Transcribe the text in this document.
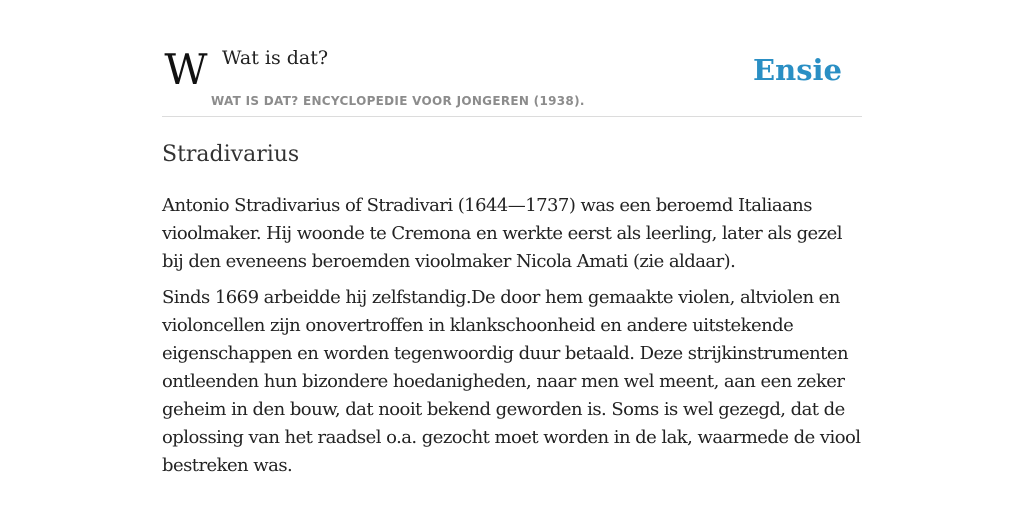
W Wat is dat?
WAT IS DAT? ENCYCLOPEDIE VOOR JONGEREN (1938).
Ensie
Stradivarius

Antonio Stradivarius of Stradivari (1644—1737) was een beroemd Italiaans vioolmaker. Hij woonde te Cremona en werkte eerst als leerling, later als gezel bij den eveneens beroemden vioolmaker Nicola Amati (zie aldaar).

Sinds 1669 arbeidde hij zelfstandig.De door hem gemaakte violen, altviolen en violoncellen zijn onovertroffen in klankschoonheid en andere uitstekende eigenschappen en worden tegenwoordig duur betaald. Deze strijkinstrumenten ontleenden hun bizondere hoedanigheden, naar men wel meent, aan een zeker geheim in den bouw, dat nooit bekend geworden is. Soms is wel gezegd, dat de oplossing van het raadsel o.a. gezocht moet worden in de lak, waarmede de viool bestreken was.
